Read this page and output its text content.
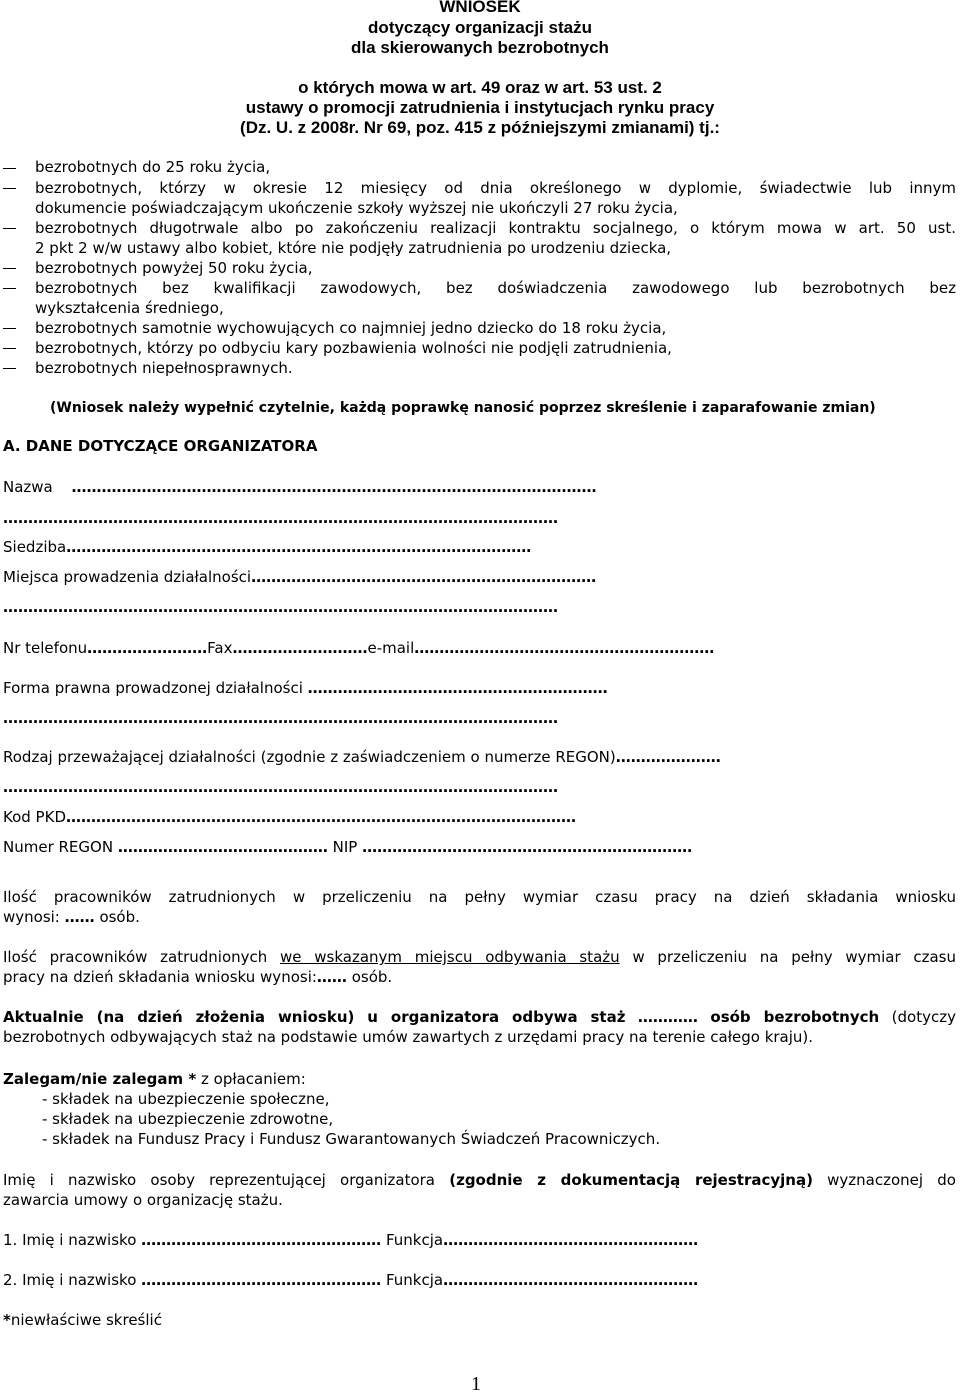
WNIOSEK
dotyczący organizacji stażu
dla skierowanych bezrobotnych
o których mowa w art. 49 oraz w art. 53 ust. 2
ustawy o promocji zatrudnienia i instytucjach rynku pracy
(Dz. U. z 2008r. Nr 69, poz. 415 z późniejszymi zmianami) tj.:
bezrobotnych do 25 roku życia,
bezrobotnych, którzy w okresie 12 miesięcy od dnia określonego w dyplomie, świadectwie lub innym
dokumencie poświadczającym ukończenie szkoły wyższej nie ukończyli 27 roku życia,
bezrobotnych długotrwale albo po zakończeniu realizacji kontraktu socjalnego, o którym mowa w art. 50 ust.
2 pkt 2 w/w ustawy albo kobiet, które nie podjęły zatrudnienia po urodzeniu dziecka,
bezrobotnych powyżej 50 roku życia,
bezrobotnych bez kwalifikacji zawodowych, bez doświadczenia zawodowego lub bezrobotnych bez
wykształcenia średniego,
bezrobotnych samotnie wychowujących co najmniej jedno dziecko do 18 roku życia,
bezrobotnych, którzy po odbyciu kary pozbawienia wolności nie podjęli zatrudnienia,
bezrobotnych niepełnosprawnych.
(Wniosek należy wypełnić czytelnie, każdą poprawkę nanosić poprzez skreślenie i zaparafowanie zmian)
A. DANE DOTYCZĄCE ORGANIZATORA
Nazwa ……………………………………………………………………………………………
…………………………………………………………………………………………………
Siedziba…………………………………………………………………………………
Miejsca prowadzenia działalności……………………………………………………………
…………………………………………………………………………………………………
Nr telefonu……………………Fax………………………e-mail……………………………………………………
Forma prawna prowadzonej działalności ……………………………………………………
…………………………………………………………………………………………………
Rodzaj przeważającej działalności (zgodnie z zaświadczeniem o numerze REGON)…………………
…………………………………………………………………………………………………
Kod PKD…………………………………………………………………………………………
Numer REGON …………………………………… NIP …………………………………………………………
Ilość pracowników zatrudnionych w przeliczeniu na pełny wymiar czasu pracy na dzień składania wniosku
wynosi: …… osób.
Ilość pracowników zatrudnionych we wskazanym miejscu odbywania stażu w przeliczeniu na pełny wymiar czasu
pracy na dzień składania wniosku wynosi:…… osób.
Aktualnie (na dzień złożenia wniosku) u organizatora odbywa staż ………… osób bezrobotnych (dotyczy
bezrobotnych odbywających staż na podstawie umów zawartych z urzędami pracy na terenie całego kraju).
Zalegam/nie zalegam * z opłacaniem:
- składek na ubezpieczenie społeczne,
- składek na ubezpieczenie zdrowotne,
- składek na Fundusz Pracy i Fundusz Gwarantowanych Świadczeń Pracowniczych.
Imię i nazwisko osoby reprezentującej organizatora (zgodnie z dokumentacją rejestracyjną) wyznaczonej do
zawarcia umowy o organizację stażu.
1. Imię i nazwisko ………………………………………… Funkcja……………………………………………
2. Imię i nazwisko ………………………………………… Funkcja……………………………………………
*niewłaściwe skreślić
1
